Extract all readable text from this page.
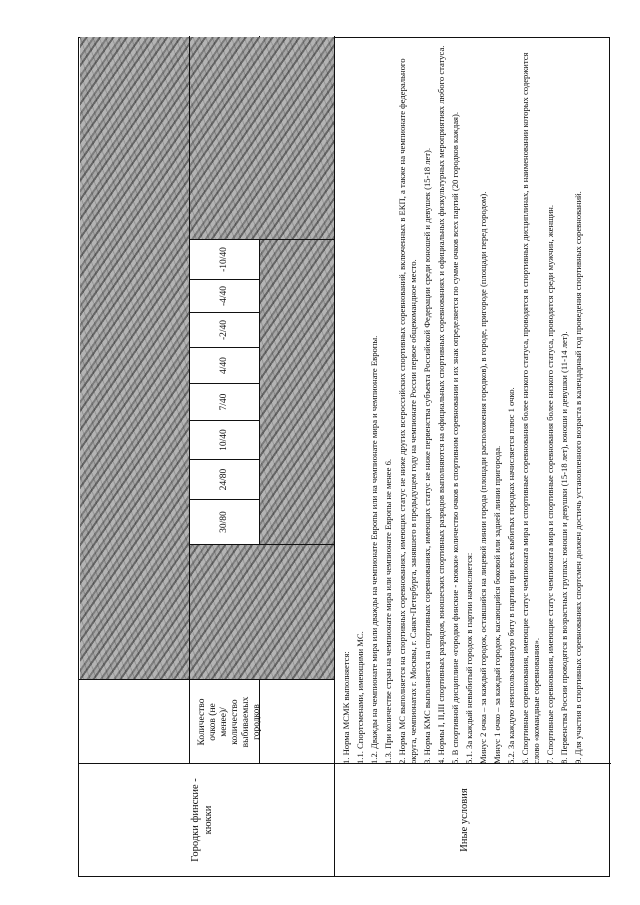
Городки финские - кюкки
Количество очков (не менее)/ количество выбиваемых городков
30/80
24/80
10/40
7/40
4/40
-2/40
-4/40
-10/40
Иные условия

1. Норма МСМК выполняется: 1.1. Спортсменами, имеющими МС. 1.2. Дважды на чемпионате мира или дважды на чемпионате Европы или на чемпионате мира и чемпионате Европы. 1.3. При количестве стран на чемпионате мира или чемпионате Европы не менее 6. 2. Норма МС выполняется на спортивных соревнованиях, имеющих статус не ниже других всероссийских спортивных соревнований, включенных в ЕКП, а также на чемпионате федерального округа, чемпионатах г. Москвы, г. Санкт-Петербурга, занявшего в предыдущем году на чемпионате России первое общекомандное место. 3. Норма КМС выполняется на спортивных соревнованиях, имеющих статус не ниже первенства субъекта Российской Федерации среди юношей и девушек (15-18 лет). 4. Нормы I, II,III спортивных разрядов, юношеских спортивных разрядов выполняются на официальных спортивных соревнованиях и официальных физкультурных мероприятиях любого статуса. 5. В спортивной дисциплине «городки финские - кюкки» количество очков в спортивном соревновании и их знак определяется по сумме очков всех партий (20 городков каждая). 5.1. За каждый невыбитый городок в партии начисляется: Минус 2 очка – за каждый городок, оставшийся на лицевой линии города (площади расположения городков), в городе, пригороде (площади перед городом). Минус 1 очко – за каждый городок, касающийся боковой или задней линии пригорода. 5.2. За каждую неиспользованную биту в партии при всех выбитых городках начисляется плюс 1 очко. 6. Спортивные соревнования, имеющие статус чемпионата мира и спортивные соревнования более низкого статуса, проводятся в спортивных дисциплинах, в наименовании которых содержится слово «командные соревнования». 7. Спортивные соревнования, имеющие статус чемпионата мира и спортивные соревнования более низкого статуса, проводятся среди мужчин, женщин. 8. Первенства России проводятся в возрастных группах: юноши и девушки (15-18 лет), юноши и девушки (11-14 лет). 9. Для участия в спортивных соревнованиях спортсмен должен достичь установленного возраста в календарный год проведения спортивных соревнований.
